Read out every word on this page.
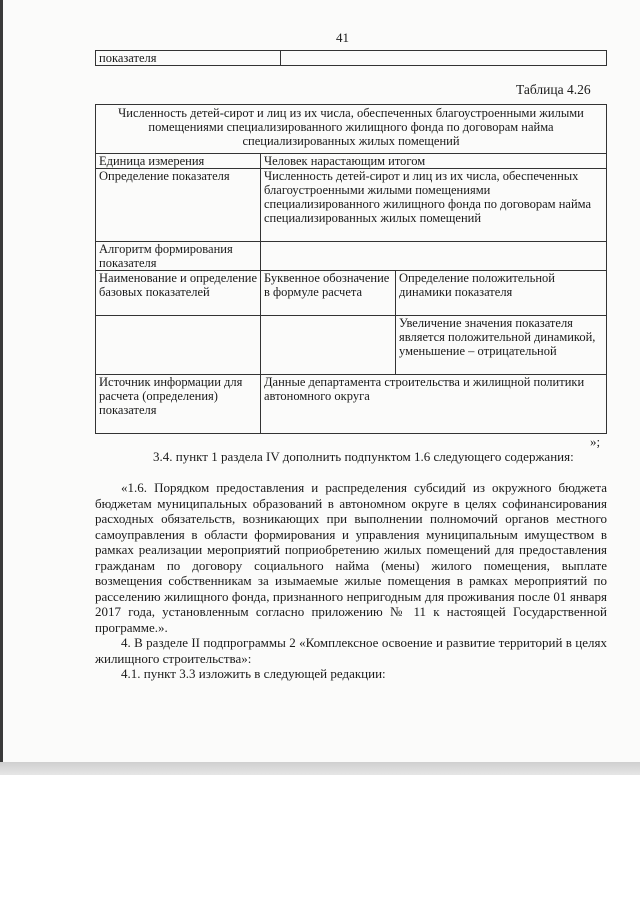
41
показателя	
Таблица 4.26
Численность детей-сирот и лиц из их числа, обеспеченных благоустроенными жилыми помещениями специализированного жилищного фонда по договорам найма специализированных жилых помещений		
Единица измерения	Человек нарастающим итогом	
Определение показателя	Численность детей-сирот и лиц из их числа, обеспеченных благоустроенными жилыми помещениями специализированного жилищного фонда по договорам найма специализированных жилых помещений	
Алгоритм формирования показателя		
Наименование и определение базовых показателей	Буквенное обозначение в формуле расчета	Определение положительной динамики показателя
		Увеличение значения показателя является положительной динамикой, уменьшение – отрицательной
Источник информации для расчета (определения) показателя	Данные департамента строительства и жилищной политики автономного округа	
»;
3.4. пункт 1 раздела IV дополнить подпунктом 1.6 следующего содержания:
«1.6. Порядком предоставления и распределения субсидий из окружного бюджета бюджетам муниципальных образований в автономном округе в целях софинансирования расходных обязательств, возникающих при выполнении полномочий органов местного самоуправления в области формирования и управления муниципальным имуществом в рамках реализации мероприятий поприобретению жилых помещений для предоставления гражданам по договору социального найма (мены) жилого помещения, выплате возмещения собственникам за изымаемые жилые помещения в рамках мероприятий по расселению жилищного фонда, признанного непригодным для проживания после 01 января 2017 года, установленным согласно приложению № 11 к настоящей Государственной программе.».
4. В разделе II подпрограммы 2 «Комплексное освоение и развитие территорий в целях жилищного строительства»:
4.1. пункт 3.3 изложить в следующей редакции:
